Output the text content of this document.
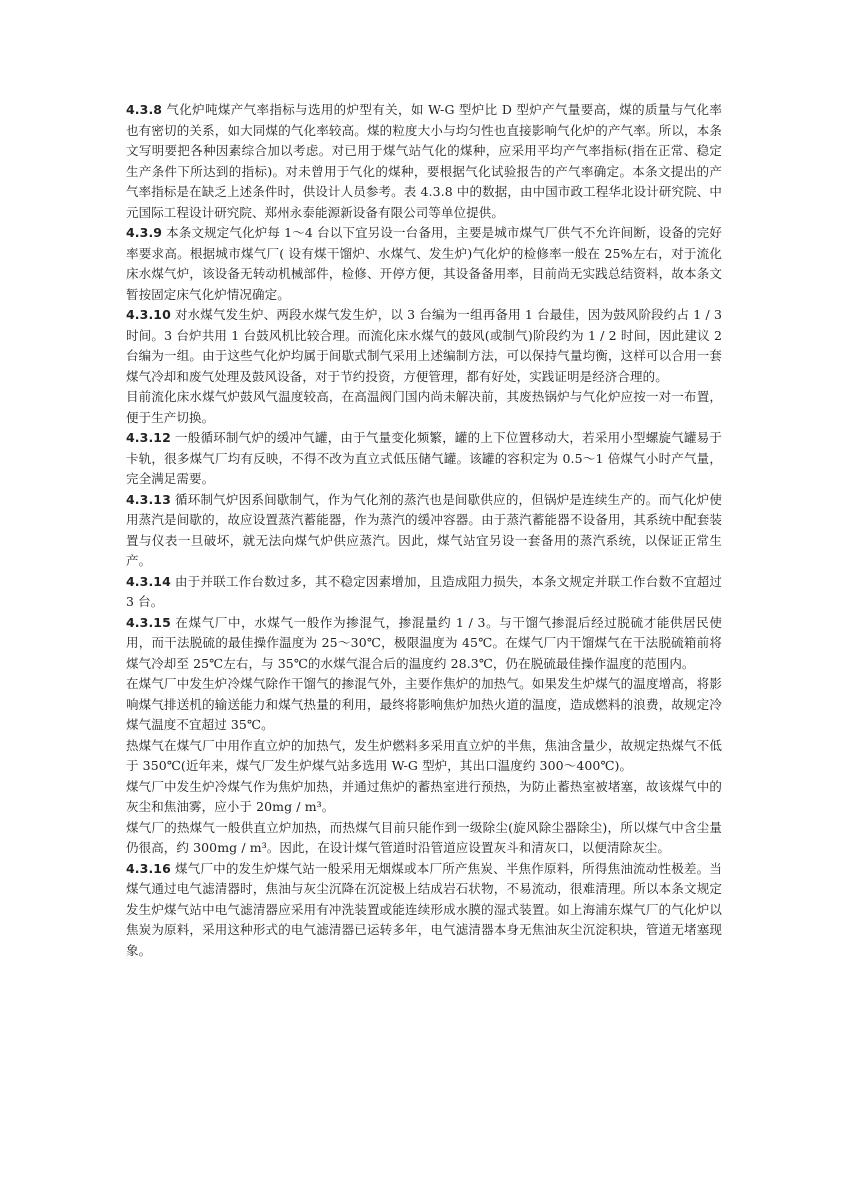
4.3.8 气化炉吨煤产气率指标与选用的炉型有关，如 W-G 型炉比 D 型炉产气量要高，煤的质量与气化率也有密切的关系，如大同煤的气化率较高。煤的粒度大小与均匀性也直接影响气化炉的产气率。所以，本条文写明要把各种因素综合加以考虑。对已用于煤气站气化的煤种，应采用平均产气率指标(指在正常、稳定生产条件下所达到的指标)。对未曾用于气化的煤种，要根据气化试验报告的产气率确定。本条文提出的产气率指标是在缺乏上述条件时，供设计人员参考。表 4.3.8 中的数据，由中国市政工程华北设计研究院、中元国际工程设计研究院、郑州永泰能源新设备有限公司等单位提供。

4.3.9 本条文规定气化炉每 1～4 台以下宜另设一台备用，主要是城市煤气厂供气不允许间断，设备的完好率要求高。根据城市煤气厂( 设有煤干馏炉、水煤气、发生炉)气化炉的检修率一般在 25%左右，对于流化床水煤气炉，该设备无转动机械部件，检修、开停方便，其设备备用率，目前尚无实践总结资料，故本条文暂按固定床气化炉情况确定。

4.3.10 对水煤气发生炉、两段水煤气发生炉，以 3 台编为一组再备用 1 台最佳，因为鼓风阶段约占 1 / 3 时间。3 台炉共用 1 台鼓风机比较合理。而流化床水煤气的鼓风(或制气)阶段约为 1 / 2 时间，因此建议 2 台编为一组。由于这些气化炉均属于间歇式制气采用上述编制方法，可以保持气量均衡，这样可以合用一套煤气冷却和废气处理及鼓风设备，对于节约投资，方便管理，都有好处，实践证明是经济合理的。

目前流化床水煤气炉鼓风气温度较高，在高温阀门国内尚未解决前，其废热锅炉与气化炉应按一对一布置，便于生产切换。

4.3.12 一般循环制气炉的缓冲气罐，由于气量变化频繁，罐的上下位置移动大，若采用小型螺旋气罐易于卡轨，很多煤气厂均有反映，不得不改为直立式低压储气罐。该罐的容积定为 0.5～1 倍煤气小时产气量，完全满足需要。

4.3.13 循环制气炉因系间歇制气，作为气化剂的蒸汽也是间歇供应的，但锅炉是连续生产的。而气化炉使用蒸汽是间歇的，故应设置蒸汽蓄能器，作为蒸汽的缓冲容器。由于蒸汽蓄能器不设备用，其系统中配套装置与仪表一旦破坏，就无法向煤气炉供应蒸汽。因此，煤气站宜另设一套备用的蒸汽系统，以保证正常生产。

4.3.14 由于并联工作台数过多，其不稳定因素增加，且造成阻力损失，本条文规定并联工作台数不宜超过 3 台。

4.3.15 在煤气厂中，水煤气一般作为掺混气，掺混量约 1 / 3。与干馏气掺混后经过脱硫才能供居民使用，而干法脱硫的最佳操作温度为 25～30℃，极限温度为 45℃。在煤气厂内干馏煤气在干法脱硫箱前将煤气冷却至 25℃左右，与 35℃的水煤气混合后的温度约 28.3℃，仍在脱硫最佳操作温度的范围内。

在煤气厂中发生炉冷煤气除作干馏气的掺混气外，主要作焦炉的加热气。如果发生炉煤气的温度增高，将影响煤气排送机的输送能力和煤气热量的利用，最终将影响焦炉加热火道的温度，造成燃料的浪费，故规定冷煤气温度不宜超过 35℃。

热煤气在煤气厂中用作直立炉的加热气，发生炉燃料多采用直立炉的半焦，焦油含量少，故规定热煤气不低于 350℃(近年来，煤气厂发生炉煤气站多选用 W-G 型炉，其出口温度约 300～400℃)。

煤气厂中发生炉冷煤气作为焦炉加热，并通过焦炉的蓄热室进行预热，为防止蓄热室被堵塞，故该煤气中的灰尘和焦油雾，应小于 20mg / m³。

煤气厂的热煤气一般供直立炉加热，而热煤气目前只能作到一级除尘(旋风除尘器除尘)，所以煤气中含尘量仍很高，约 300mg / m³。因此，在设计煤气管道时沿管道应设置灰斗和清灰口，以便清除灰尘。

4.3.16 煤气厂中的发生炉煤气站一般采用无烟煤或本厂所产焦炭、半焦作原料，所得焦油流动性极差。当煤气通过电气滤清器时，焦油与灰尘沉降在沉淀极上结成岩石状物，不易流动，很难清理。所以本条文规定发生炉煤气站中电气滤清器应采用有冲洗装置或能连续形成水膜的湿式装置。如上海浦东煤气厂的气化炉以焦炭为原料，采用这种形式的电气滤清器已运转多年，电气滤清器本身无焦油灰尘沉淀积块，管道无堵塞现象。
